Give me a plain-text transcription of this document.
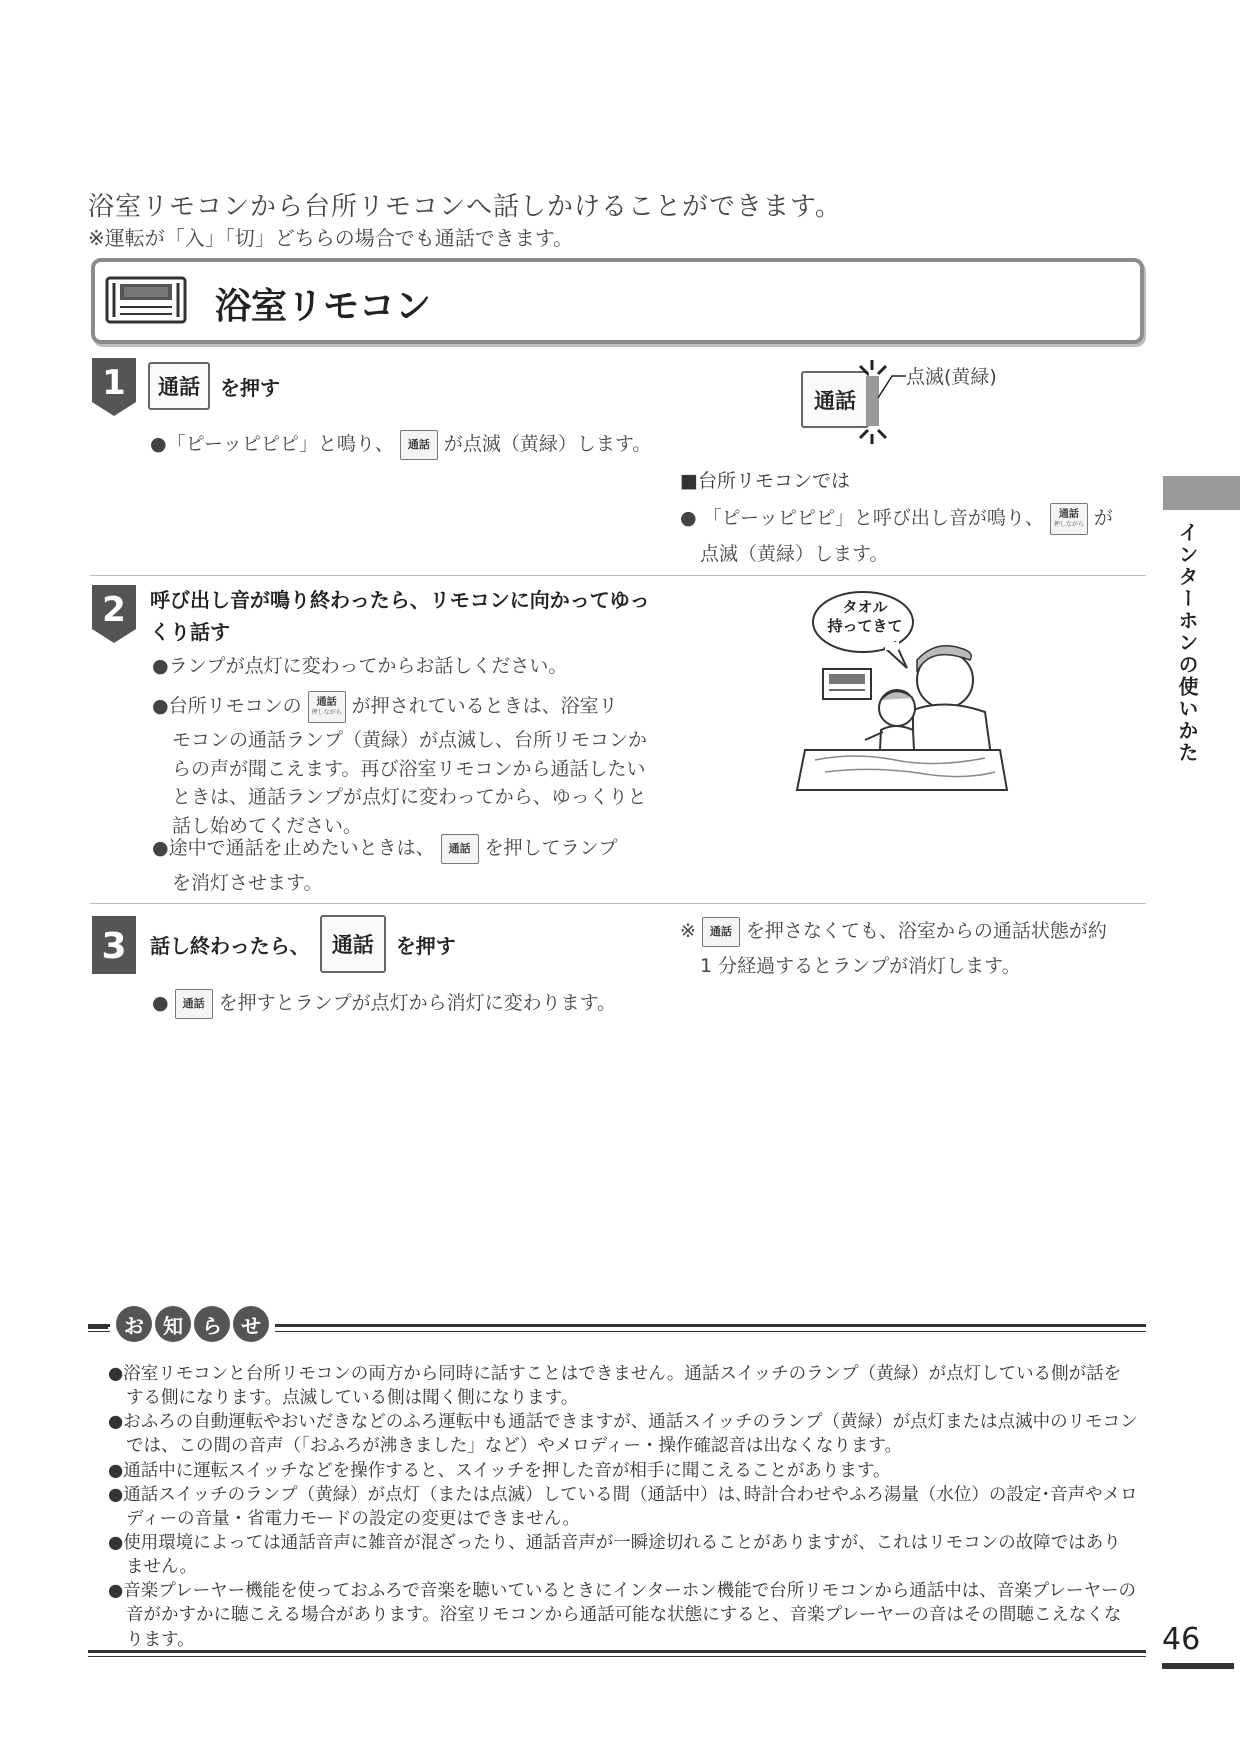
浴室リモコンから台所リモコンへ話しかけることができます。
※運転が「入」「切」どちらの場合でも通話できます。
浴室リモコン
1	通話	を押す
●「ピーッピピピ」と鳴り、	通話 が点滅（黄緑）します。
通話
点滅(黄緑)
■台所リモコンでは
● 「ピーッピピピ」と呼び出し音が鳴り、 通話
押しながら が
点滅（黄緑）します。
2 呼び出し音が鳴り終わったら、リモコンに向かってゆっ
くり話す
●ランプが点灯に変わってからお話しください。
●台所リモコンの 通話
押しながら が押されているときは、浴室リ
モコンの通話ランプ（黄緑）が点滅し、台所リモコンからの声が聞こえます。再び浴室リモコンから通話したいときは、通話ランプが点灯に変わってから、ゆっくりと話し始めてください。
●途中で通話を止めたいときは、	通話 を押してランプ
を消灯させます。
タオル
持ってきて
3 話し終わったら、	通話	を押す
●	通話 を押すとランプが点灯から消灯に変わります。
※	通話 を押さなくても、浴室からの通話状態が約
1 分経過するとランプが消灯します。
インターホンの使いかた
お 知 ら せ
●浴室リモコンと台所リモコンの両方から同時に話すことはできません。通話スイッチのランプ（黄緑）が点灯している側が話をする側になります。点滅している側は聞く側になります。
●おふろの自動運転やおいだきなどのふろ運転中も通話できますが、通話スイッチのランプ（黄緑）が点灯または点滅中のリモコンでは、この間の音声（「おふろが沸きました」など）やメロディー・操作確認音は出なくなります。
●通話中に運転スイッチなどを操作すると、スイッチを押した音が相手に聞こえることがあります。
●通話スイッチのランプ（黄緑）が点灯（または点滅）している間（通話中）は､時計合わせやふろ湯量（水位）の設定･音声やメロディーの音量・省電力モードの設定の変更はできません。
●使用環境によっては通話音声に雑音が混ざったり、通話音声が一瞬途切れることがありますが、これはリモコンの故障ではありません。
●音楽プレーヤー機能を使っておふろで音楽を聴いているときにインターホン機能で台所リモコンから通話中は、音楽プレーヤーの音がかすかに聴こえる場合があります。浴室リモコンから通話可能な状態にすると、音楽プレーヤーの音はその間聴こえなくなります。	46
